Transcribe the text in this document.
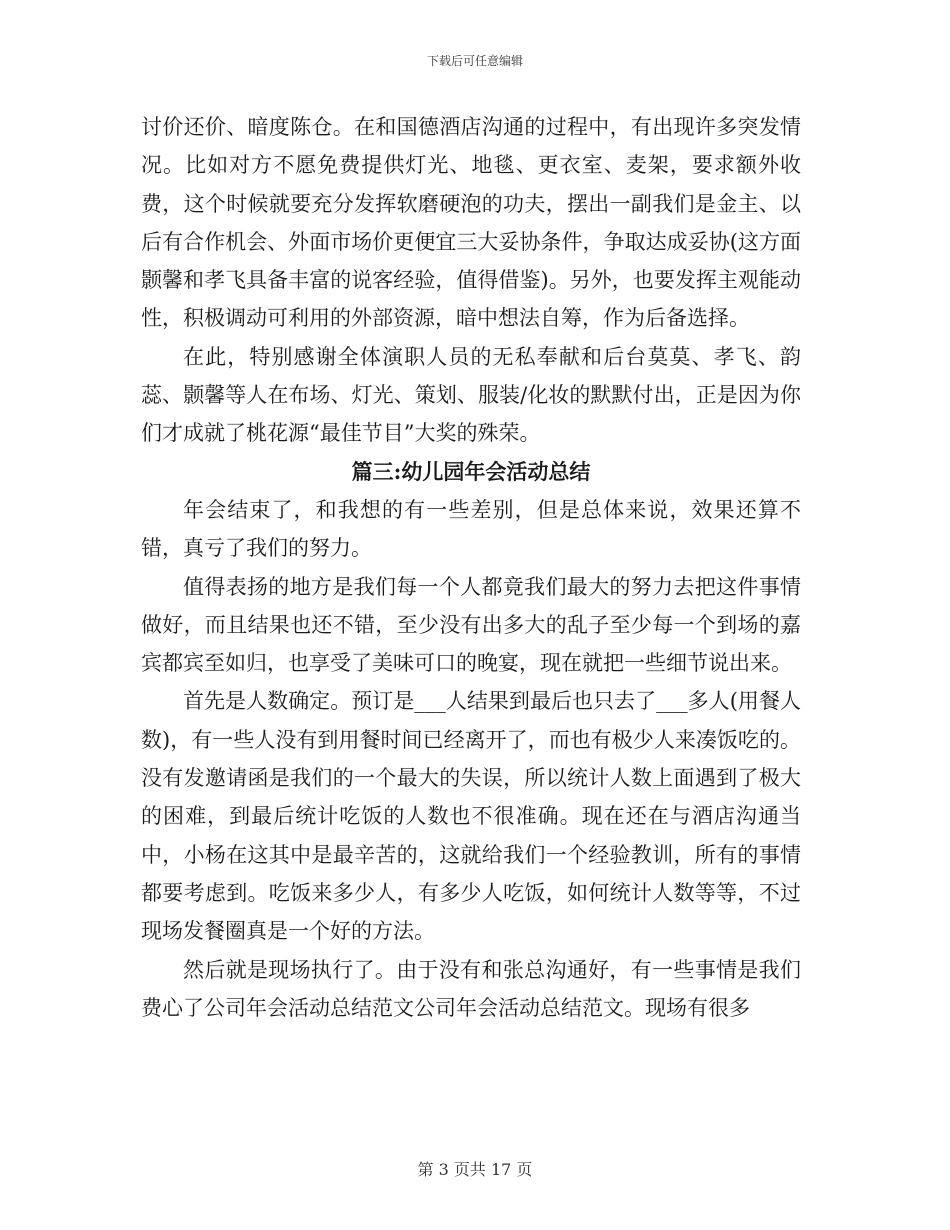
下载后可任意编辑

讨价还价、暗度陈仓。在和国德酒店沟通的过程中，有出现许多突发情况。比如对方不愿免费提供灯光、地毯、更衣室、麦架，要求额外收费，这个时候就要充分发挥软磨硬泡的功夫，摆出一副我们是金主、以后有合作机会、外面市场价更便宜三大妥协条件，争取达成妥协(这方面颢馨和孝飞具备丰富的说客经验，值得借鉴)。另外，也要发挥主观能动性，积极调动可利用的外部资源，暗中想法自筹，作为后备选择。

在此，特别感谢全体演职人员的无私奉献和后台莫莫、孝飞、韵蕊、颢馨等人在布场、灯光、策划、服装/化妆的默默付出，正是因为你们才成就了桃花源“最佳节目”大奖的殊荣。

篇三:幼儿园年会活动总结

年会结束了，和我想的有一些差别，但是总体来说，效果还算不错，真亏了我们的努力。

值得表扬的地方是我们每一个人都竟我们最大的努力去把这件事情做好，而且结果也还不错，至少没有出多大的乱子至少每一个到场的嘉宾都宾至如归，也享受了美味可口的晚宴，现在就把一些细节说出来。

首先是人数确定。预订是___人结果到最后也只去了___多人(用餐人数)，有一些人没有到用餐时间已经离开了，而也有极少人来凑饭吃的。没有发邀请函是我们的一个最大的失误，所以统计人数上面遇到了极大的困难，到最后统计吃饭的人数也不很准确。现在还在与酒店沟通当中，小杨在这其中是最辛苦的，这就给我们一个经验教训，所有的事情都要考虑到。吃饭来多少人，有多少人吃饭，如何统计人数等等，不过现场发餐圈真是一个好的方法。

然后就是现场执行了。由于没有和张总沟通好，有一些事情是我们费心了公司年会活动总结范文公司年会活动总结范文。现场有很多

第 3 页共 17 页
